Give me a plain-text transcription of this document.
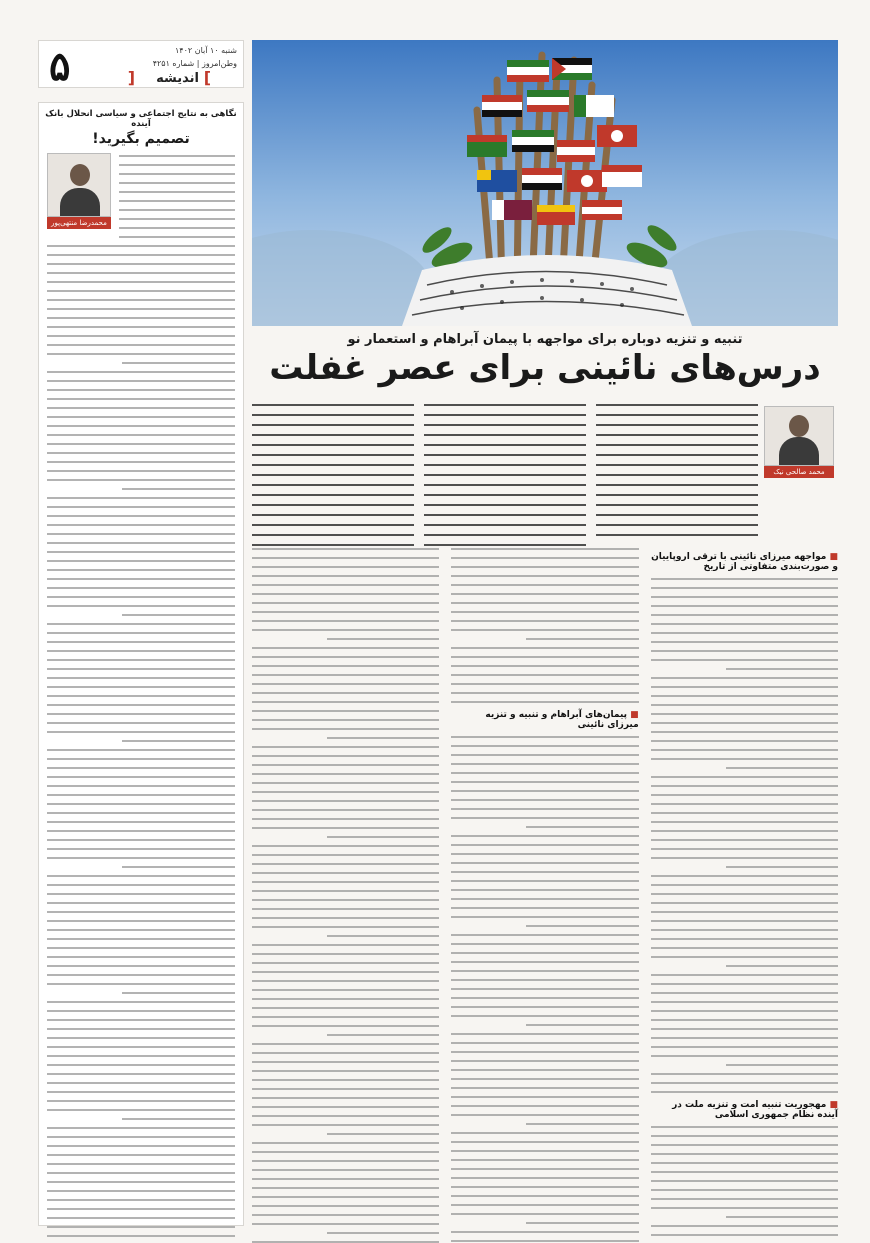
۵	شنبه ۱۰ آبان ۱۴۰۲
وطن‌امروز | شماره ۴۲۵۱
[ اندیشه ]
نگاهی به نتایج اجتماعی و سیاسی انحلال بانک آینده
تصمیم بگیرید!
محمدرضا منتهی‌پور
تنبیه و تنزیه دوباره برای مواجهه با پیمان آبراهام و استعمار نو
درس‌های نائینی برای عصر غفلت
محمد صالحی نیک
■ مواجهه میرزای نائینی با ترقی اروپاییان و صورت‌بندی متفاوتی از تاریخ
■ مهجوریت تنبیه امت و تنزیه ملت در آینده نظام جمهوری اسلامی
■ پیمان‌های آبراهام و تنبیه و تنزیه میرزای نائینی
